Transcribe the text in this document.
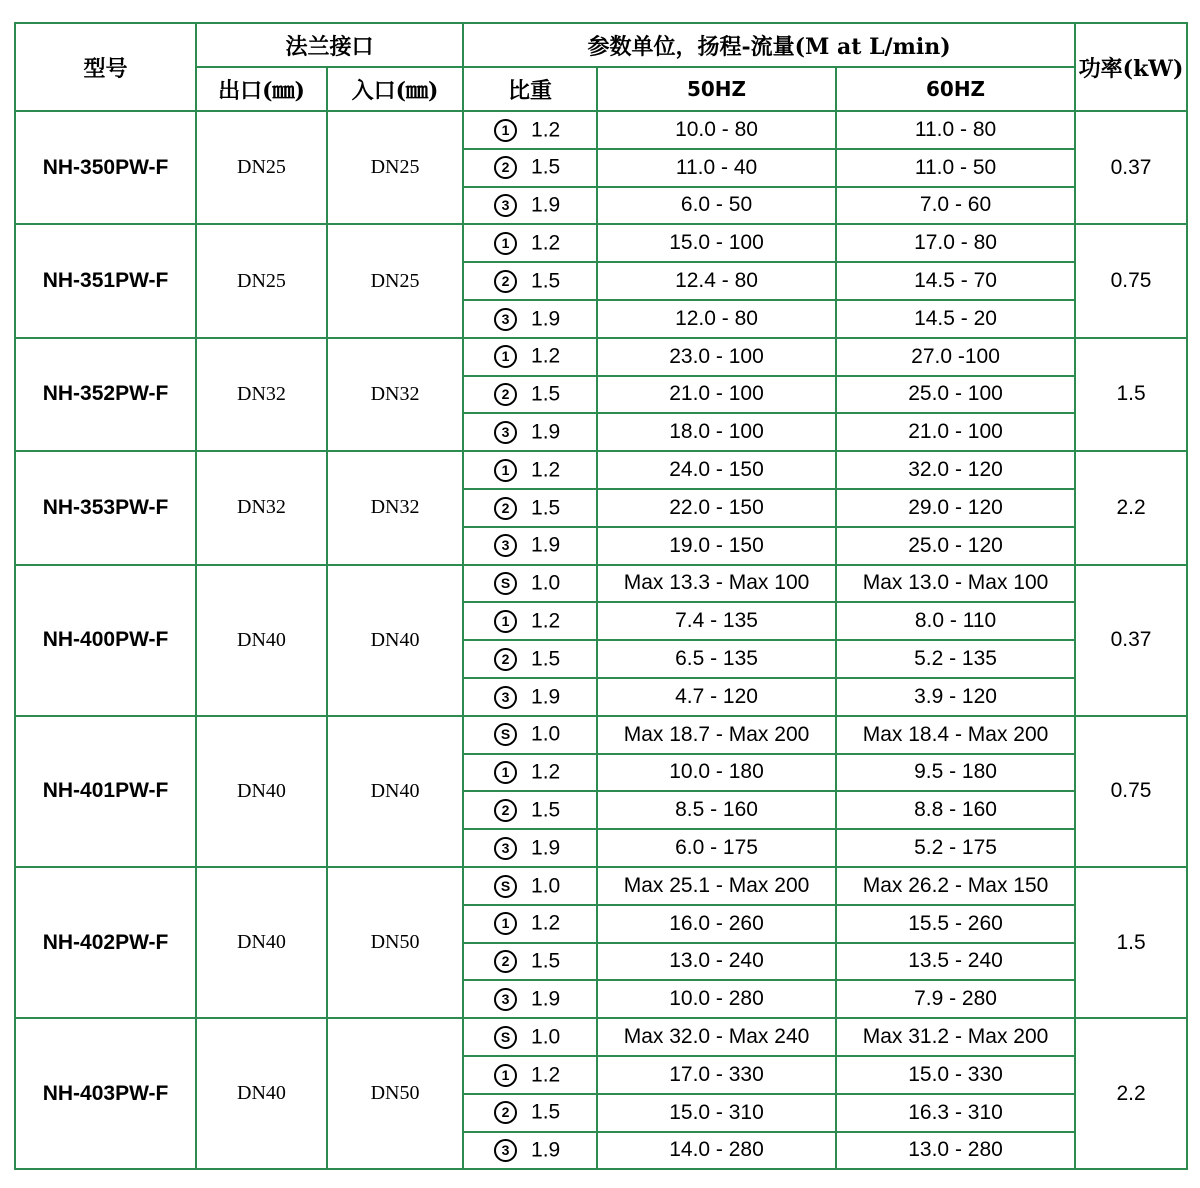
型号	法兰接口		参数单位，扬程-流量(M at L/min)			功率(kW)
	出口(㎜)	入口(㎜)	比重	50HZ	60HZ	
NH-350PW-F	DN25	DN25	1 1.2	10.0 - 80	11.0 - 80	0.37
			2 1.5	11.0 - 40	11.0 - 50	
			3 1.9	6.0 - 50	7.0 - 60	
NH-351PW-F	DN25	DN25	1 1.2	15.0 - 100	17.0 - 80	0.75
			2 1.5	12.4 - 80	14.5 - 70	
			3 1.9	12.0 - 80	14.5 - 20	
NH-352PW-F	DN32	DN32	1 1.2	23.0 - 100	27.0 -100	1.5
			2 1.5	21.0 - 100	25.0 - 100	
			3 1.9	18.0 - 100	21.0 - 100	
NH-353PW-F	DN32	DN32	1 1.2	24.0 - 150	32.0 - 120	2.2
			2 1.5	22.0 - 150	29.0 - 120	
			3 1.9	19.0 - 150	25.0 - 120	
NH-400PW-F	DN40	DN40	S 1.0	Max 13.3 - Max 100	Max 13.0 - Max 100	0.37
			1 1.2	7.4 - 135	8.0 - 110	
			2 1.5	6.5 - 135	5.2 - 135	
			3 1.9	4.7 - 120	3.9 - 120	
NH-401PW-F	DN40	DN40	S 1.0	Max 18.7 - Max 200	Max 18.4 - Max 200	0.75
			1 1.2	10.0 - 180	9.5 - 180	
			2 1.5	8.5 - 160	8.8 - 160	
			3 1.9	6.0 - 175	5.2 - 175	
NH-402PW-F	DN40	DN50	S 1.0	Max 25.1 - Max 200	Max 26.2 - Max 150	1.5
			1 1.2	16.0 - 260	15.5 - 260	
			2 1.5	13.0 - 240	13.5 - 240	
			3 1.9	10.0 - 280	7.9 - 280	
NH-403PW-F	DN40	DN50	S 1.0	Max 32.0 - Max 240	Max 31.2 - Max 200	2.2
			1 1.2	17.0 - 330	15.0 - 330	
			2 1.5	15.0 - 310	16.3 - 310	
			3 1.9	14.0 - 280	13.0 - 280	
